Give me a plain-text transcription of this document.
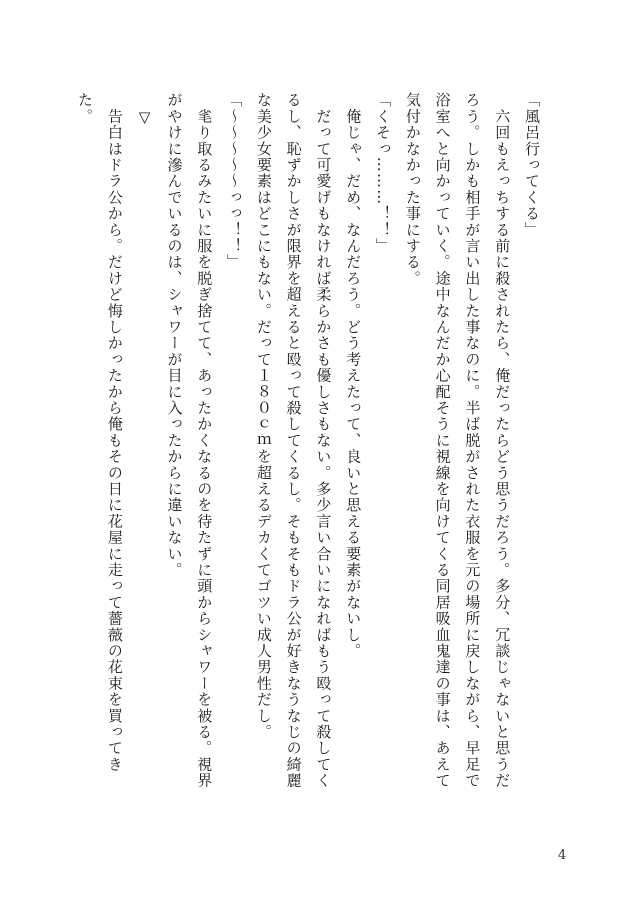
「風呂行ってくる」

　六回もえっちする前に殺されたら、俺だったらどう思うだろう。多分、冗談じゃないと思うだろう。しかも相手が言い出した事なのに。半ば脱がされた衣服を元の場所に戻しながら、早足で浴室へと向かっていく。途中なんだか心配そうに視線を向けてくる同居吸血鬼達の事は、あえて気付かなかった事にする。

「くそっ………！！」

　俺じゃ、だめ、なんだろう。どう考えたって、良いと思える要素がないし。

　だって可愛げもなければ柔らかさも優しさもない。多少言い合いになればもう殴って殺してくるし、恥ずかしさが限界を超えると殴って殺してくるし。そもそもドラ公が好きなうなじの綺麗な美少女要素はどこにもない。だって１８０ｃｍを超えるデカくてゴツい成人男性だし。

「〜〜〜〜〜っっ！！」

　毟り取るみたいに服を脱ぎ捨てて、あったかくなるのを待たずに頭からシャワーを被る。視界がやけに滲んでいるのは、シャワーが目に入ったからに違いない。

　▽

　告白はドラ公から。だけど悔しかったから俺もその日に花屋に走って薔薇の花束を買ってきた。

4
